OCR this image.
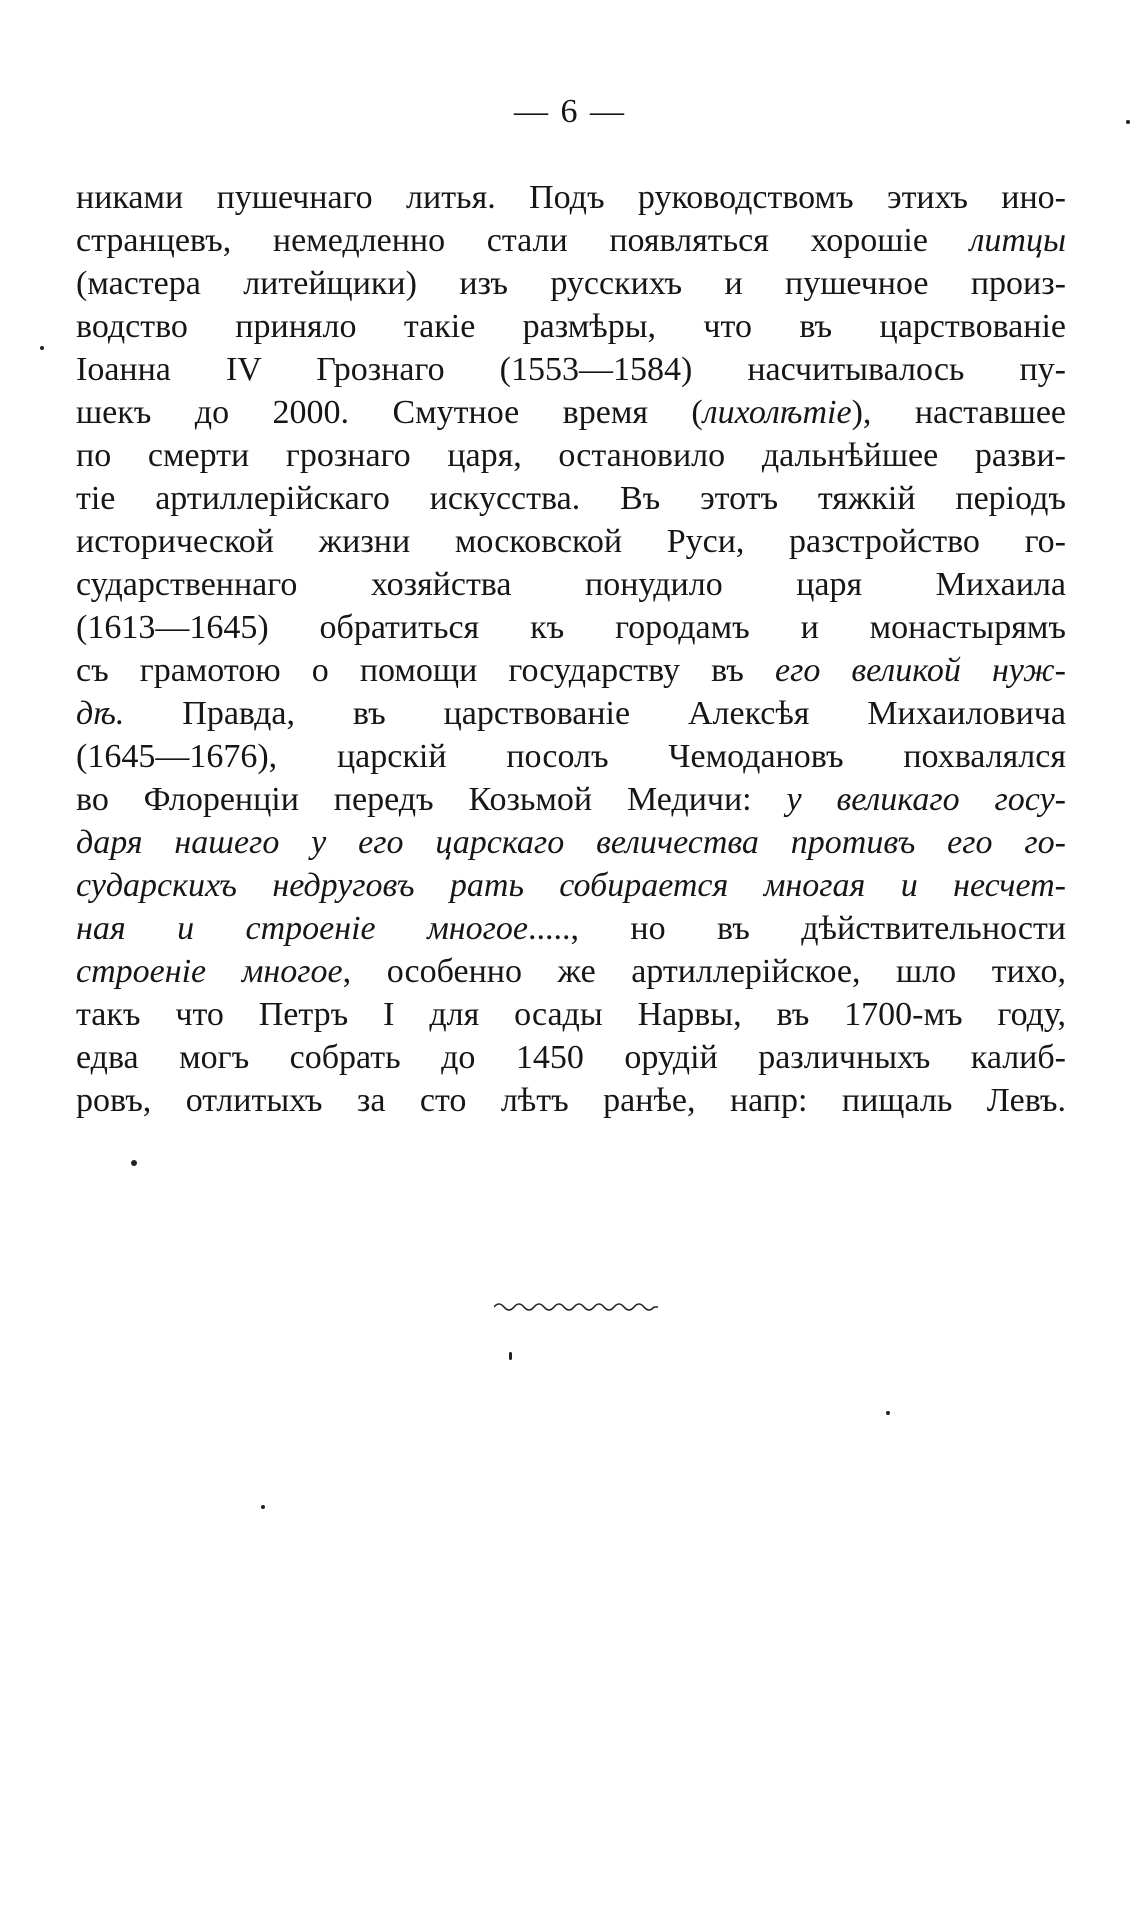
— 6 —
никами пушечнаго литья. Подъ руководствомъ этихъ ино-
странцевъ, немедленно стали появляться хорошіе литцы
(мастера литейщики) изъ русскихъ и пушечное произ-
водство приняло такіе размѣры, что въ царствованіе
Іоанна IV Грознаго (1553—1584) насчитывалось пу-
шекъ до 2000. Смутное время (лихолѣтіе), наставшее
по смерти грознаго царя, остановило дальнѣйшее разви-
тіе артиллерійскаго искусства. Въ этотъ тяжкій періодъ
исторической жизни московской Руси, разстройство го-
сударственнаго хозяйства понудило царя Михаила
(1613—1645) обратиться къ городамъ и монастырямъ
съ грамотою о помощи государству въ его великой нуж-
дѣ. Правда, въ царствованіе Алексѣя Михаиловича
(1645—1676), царскій посолъ Чемодановъ похвалялся
во Флоренціи передъ Козьмой Медичи: у великаго госу-
даря нашего у его царскаго величества противъ его го-
сударскихъ недруговъ рать собирается многая и несчет-
ная и строеніе многое....., но въ дѣйствительности
строеніе многое, особенно же артиллерійское, шло тихо,
такъ что Петръ I для осады Нарвы, въ 1700-мъ году,
едва могъ собрать до 1450 орудій различныхъ калиб-
ровъ, отлитыхъ за сто лѣтъ ранѣе, напр: пищаль Левъ.
